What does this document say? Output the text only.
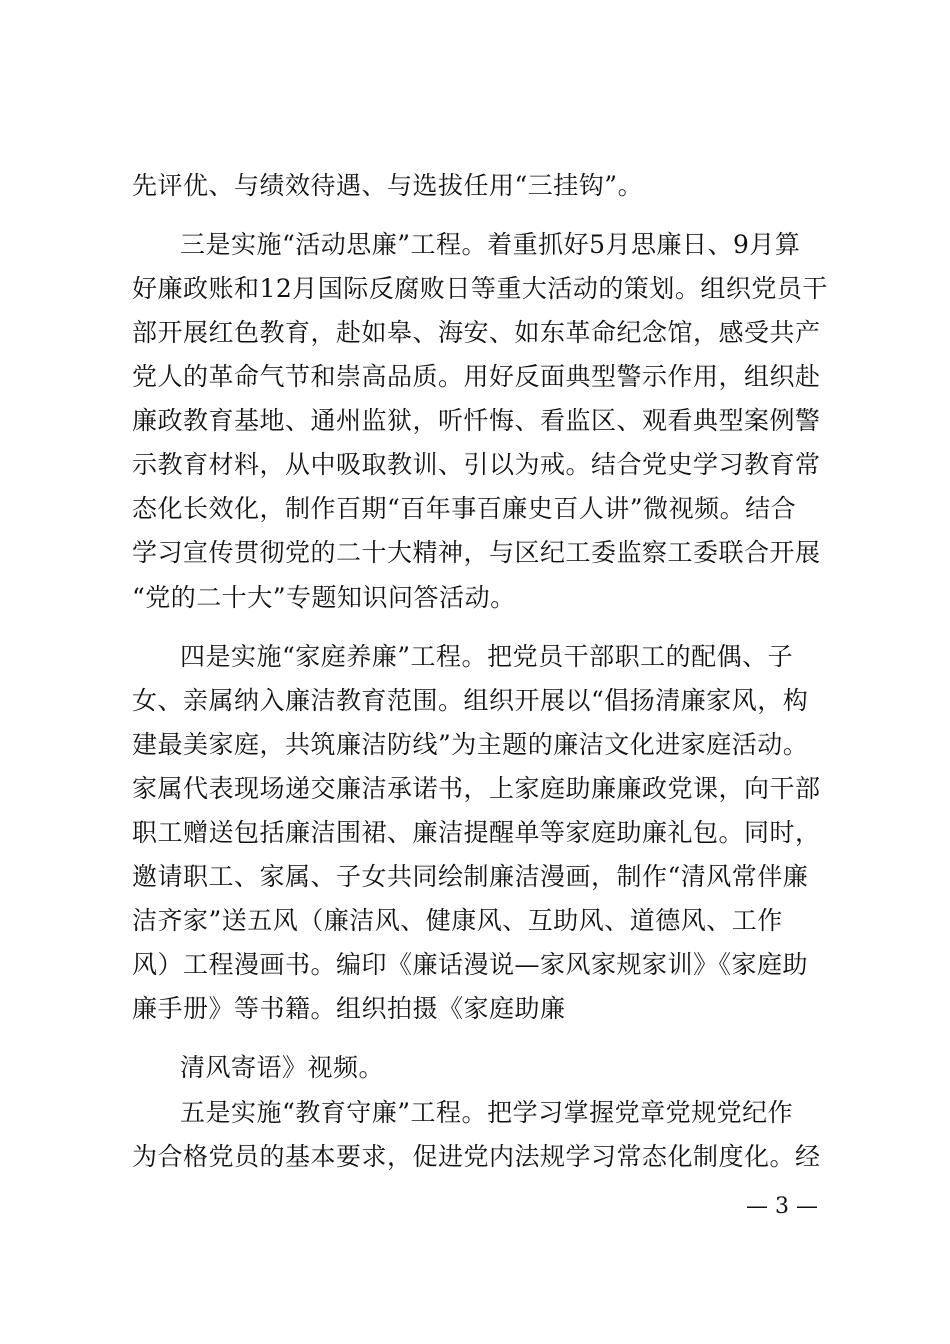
先评优、与绩效待遇、与选拔任用“三挂钩”。
三是实施“活动思廉”工程。着重抓好5月思廉日、9月算
好廉政账和12月国际反腐败日等重大活动的策划。组织党员干
部开展红色教育，赴如皋、海安、如东革命纪念馆，感受共产
党人的革命气节和崇高品质。用好反面典型警示作用，组织赴
廉政教育基地、通州监狱，听忏悔、看监区、观看典型案例警
示教育材料，从中吸取教训、引以为戒。结合党史学习教育常
态化长效化，制作百期“百年事百廉史百人讲”微视频。结合
学习宣传贯彻党的二十大精神，与区纪工委监察工委联合开展
“党的二十大”专题知识问答活动。
四是实施“家庭养廉”工程。把党员干部职工的配偶、子
女、亲属纳入廉洁教育范围。组织开展以“倡扬清廉家风，构
建最美家庭，共筑廉洁防线”为主题的廉洁文化进家庭活动。
家属代表现场递交廉洁承诺书，上家庭助廉廉政党课，向干部
职工赠送包括廉洁围裙、廉洁提醒单等家庭助廉礼包。同时，
邀请职工、家属、子女共同绘制廉洁漫画，制作“清风常伴廉
洁齐家”送五风（廉洁风、健康风、互助风、道德风、工作
风）工程漫画书。编印《廉话漫说—家风家规家训》《家庭助
廉手册》等书籍。组织拍摄《家庭助廉
清风寄语》视频。
五是实施“教育守廉”工程。把学习掌握党章党规党纪作
为合格党员的基本要求，促进党内法规学习常态化制度化。经
— 3 —
